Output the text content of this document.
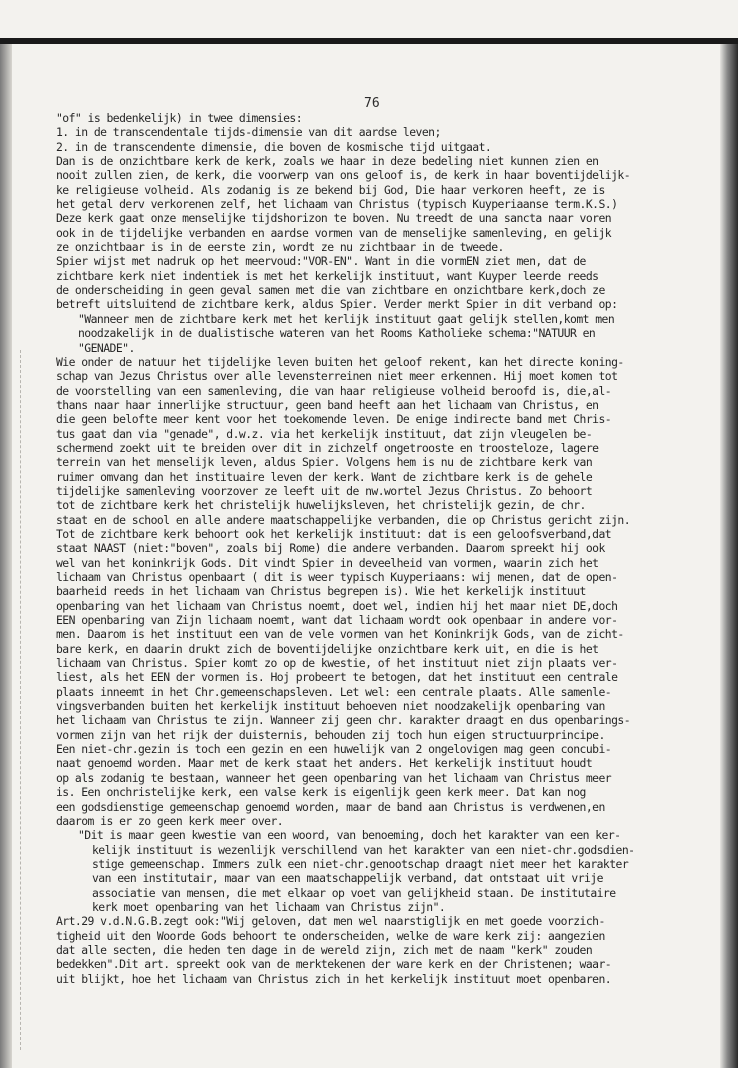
76
"of" is bedenkelijk) in twee dimensies:
1. in de transcendentale tijds-dimensie van dit aardse leven;
2. in de transcendente dimensie, die boven de kosmische tijd uitgaat.
Dan is de onzichtbare kerk de kerk, zoals we haar in deze bedeling niet kunnen zien en
nooit zullen zien, de kerk, die voorwerp van ons geloof is, de kerk in haar boventijdelijk-
ke religieuse volheid. Als zodanig is ze bekend bij God, Die haar verkoren heeft, ze is
het getal derv verkorenen zelf, het lichaam van Christus (typisch Kuyperiaanse term.K.S.)
Deze kerk gaat onze menselijke tijdshorizon te boven. Nu treedt de una sancta naar voren
ook in de tijdelijke verbanden en aardse vormen van de menselijke samenleving, en gelijk
ze onzichtbaar is in de eerste zin, wordt ze nu zichtbaar in de tweede.
Spier wijst met nadruk op het meervoud:"VOR-EN". Want in die vormEN ziet men, dat de
zichtbare kerk niet indentiek is met het kerkelijk instituut, want Kuyper leerde reeds
de onderscheiding in geen geval samen met die van zichtbare en onzichtbare kerk,doch ze
betreft uitsluitend de zichtbare kerk, aldus Spier. Verder merkt Spier in dit verband op:
"Wanneer men de zichtbare kerk met het kerlijk instituut gaat gelijk stellen,komt men
noodzakelijk in de dualistische wateren van het Rooms Katholieke schema:"NATUUR en
"GENADE".
Wie onder de natuur het tijdelijke leven buiten het geloof rekent, kan het directe koning-
schap van Jezus Christus over alle levensterreinen niet meer erkennen. Hij moet komen tot
de voorstelling van een samenleving, die van haar religieuse volheid beroofd is, die,al-
thans naar haar innerlijke structuur, geen band heeft aan het lichaam van Christus, en
die geen belofte meer kent voor het toekomende leven. De enige indirecte band met Chris-
tus gaat dan via "genade", d.w.z. via het kerkelijk instituut, dat zijn vleugelen be-
schermend zoekt uit te breiden over dit in zichzelf ongetrooste en troosteloze, lagere
terrein van het menselijk leven, aldus Spier. Volgens hem is nu de zichtbare kerk van
ruimer omvang dan het instituaire leven der kerk. Want de zichtbare kerk is de gehele
tijdelijke samenleving voorzover ze leeft uit de nw.wortel Jezus Christus. Zo behoort
tot de zichtbare kerk het christelijk huwelijksleven, het christelijk gezin, de chr.
staat en de school en alle andere maatschappelijke verbanden, die op Christus gericht zijn.
Tot de zichtbare kerk behoort ook het kerkelijk instituut: dat is een geloofsverband,dat
staat NAAST (niet:"boven", zoals bij Rome) die andere verbanden. Daarom spreekt hij ook
wel van het koninkrijk Gods. Dit vindt Spier in deveelheid van vormen, waarin zich het
lichaam van Christus openbaart ( dit is weer typisch Kuyperiaans: wij menen, dat de open-
baarheid reeds in het lichaam van Christus begrepen is). Wie het kerkelijk instituut
openbaring van het lichaam van Christus noemt, doet wel, indien hij het maar niet DE,doch
EEN openbaring van Zijn lichaam noemt, want dat lichaam wordt ook openbaar in andere vor-
men. Daarom is het instituut een van de vele vormen van het Koninkrijk Gods, van de zicht-
bare kerk, en daarin drukt zich de boventijdelijke onzichtbare kerk uit, en die is het
lichaam van Christus. Spier komt zo op de kwestie, of het instituut niet zijn plaats ver-
liest, als het EEN der vormen is. Hoj probeert te betogen, dat het instituut een centrale
plaats inneemt in het Chr.gemeenschapsleven. Let wel: een centrale plaats. Alle samenle-
vingsverbanden buiten het kerkelijk instituut behoeven niet noodzakelijk openbaring van
het lichaam van Christus te zijn. Wanneer zij geen chr. karakter draagt en dus openbarings-
vormen zijn van het rijk der duisternis, behouden zij toch hun eigen structuurprincipe.
Een niet-chr.gezin is toch een gezin en een huwelijk van 2 ongelovigen mag geen concubi-
naat genoemd worden. Maar met de kerk staat het anders. Het kerkelijk instituut houdt
op als zodanig te bestaan, wanneer het geen openbaring van het lichaam van Christus meer
is. Een onchristelijke kerk, een valse kerk is eigenlijk geen kerk meer. Dat kan nog
een godsdienstige gemeenschap genoemd worden, maar de band aan Christus is verdwenen,en
daarom is er zo geen kerk meer over.
"Dit is maar geen kwestie van een woord, van benoeming, doch het karakter van een ker-
kelijk instituut is wezenlijk verschillend van het karakter van een niet-chr.godsdien-
stige gemeenschap. Immers zulk een niet-chr.genootschap draagt niet meer het karakter
van een institutair, maar van een maatschappelijk verband, dat ontstaat uit vrije
associatie van mensen, die met elkaar op voet van gelijkheid staan. De institutaire
kerk moet openbaring van het lichaam van Christus zijn".
Art.29 v.d.N.G.B.zegt ook:"Wij geloven, dat men wel naarstiglijk en met goede voorzich-
tigheid uit den Woorde Gods behoort te onderscheiden, welke de ware kerk zij: aangezien
dat alle secten, die heden ten dage in de wereld zijn, zich met de naam "kerk" zouden
bedekken".Dit art. spreekt ook van de merktekenen der ware kerk en der Christenen; waar-
uit blijkt, hoe het lichaam van Christus zich in het kerkelijk instituut moet openbaren.
